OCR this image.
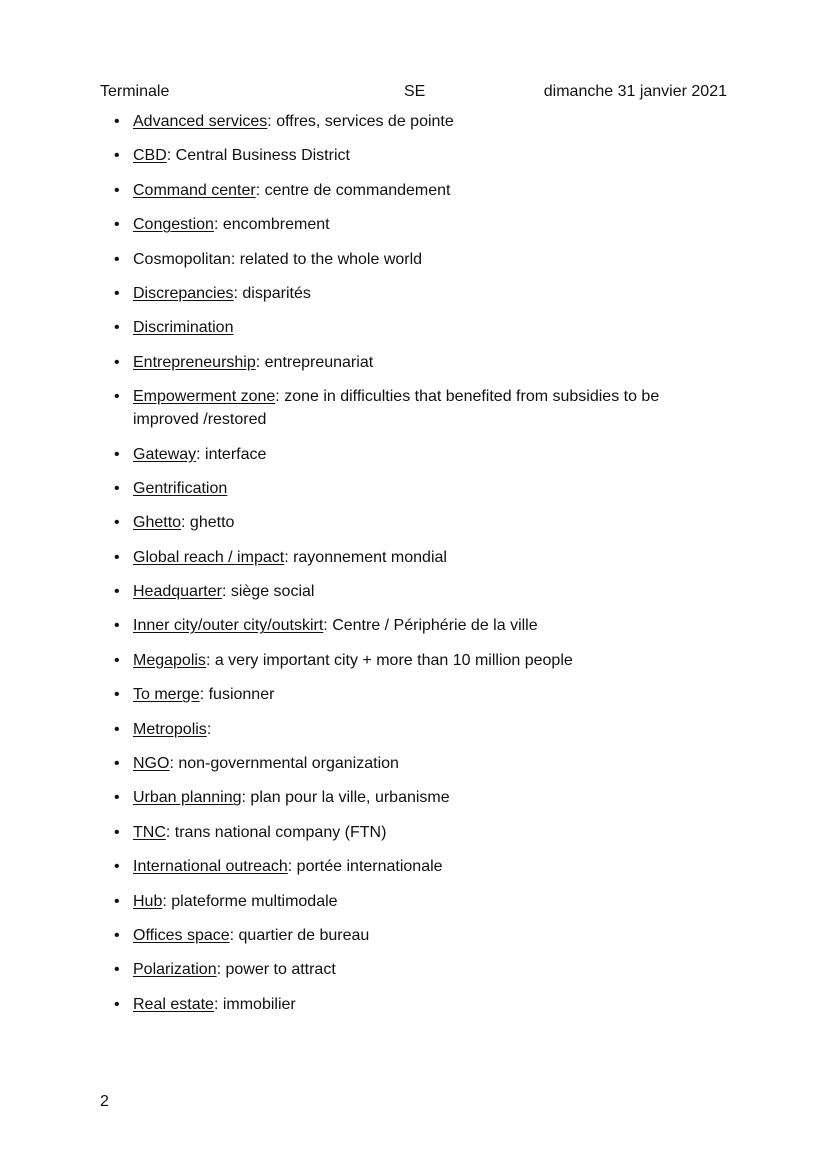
Terminale	SE	dimanche 31 janvier 2021
• Advanced services: offres, services de pointe
• CBD: Central Business District
• Command center: centre de commandement
• Congestion: encombrement
• Cosmopolitan: related to the whole world
• Discrepancies: disparités
• Discrimination
• Entrepreneurship: entrepreunariat
• Empowerment zone: zone in difficulties that benefited from subsidies to be improved /restored
• Gateway: interface
• Gentrification
• Ghetto: ghetto
• Global reach / impact: rayonnement mondial
• Headquarter: siège social
• Inner city/outer city/outskirt: Centre / Périphérie de la ville
• Megapolis: a very important city + more than 10 million people
• To merge: fusionner
• Metropolis:
• NGO: non-governmental organization
• Urban planning: plan pour la ville, urbanisme
• TNC: trans national company (FTN)
• International outreach: portée internationale
• Hub: plateforme multimodale
• Offices space: quartier de bureau
• Polarization: power to attract
• Real estate: immobilier
2
